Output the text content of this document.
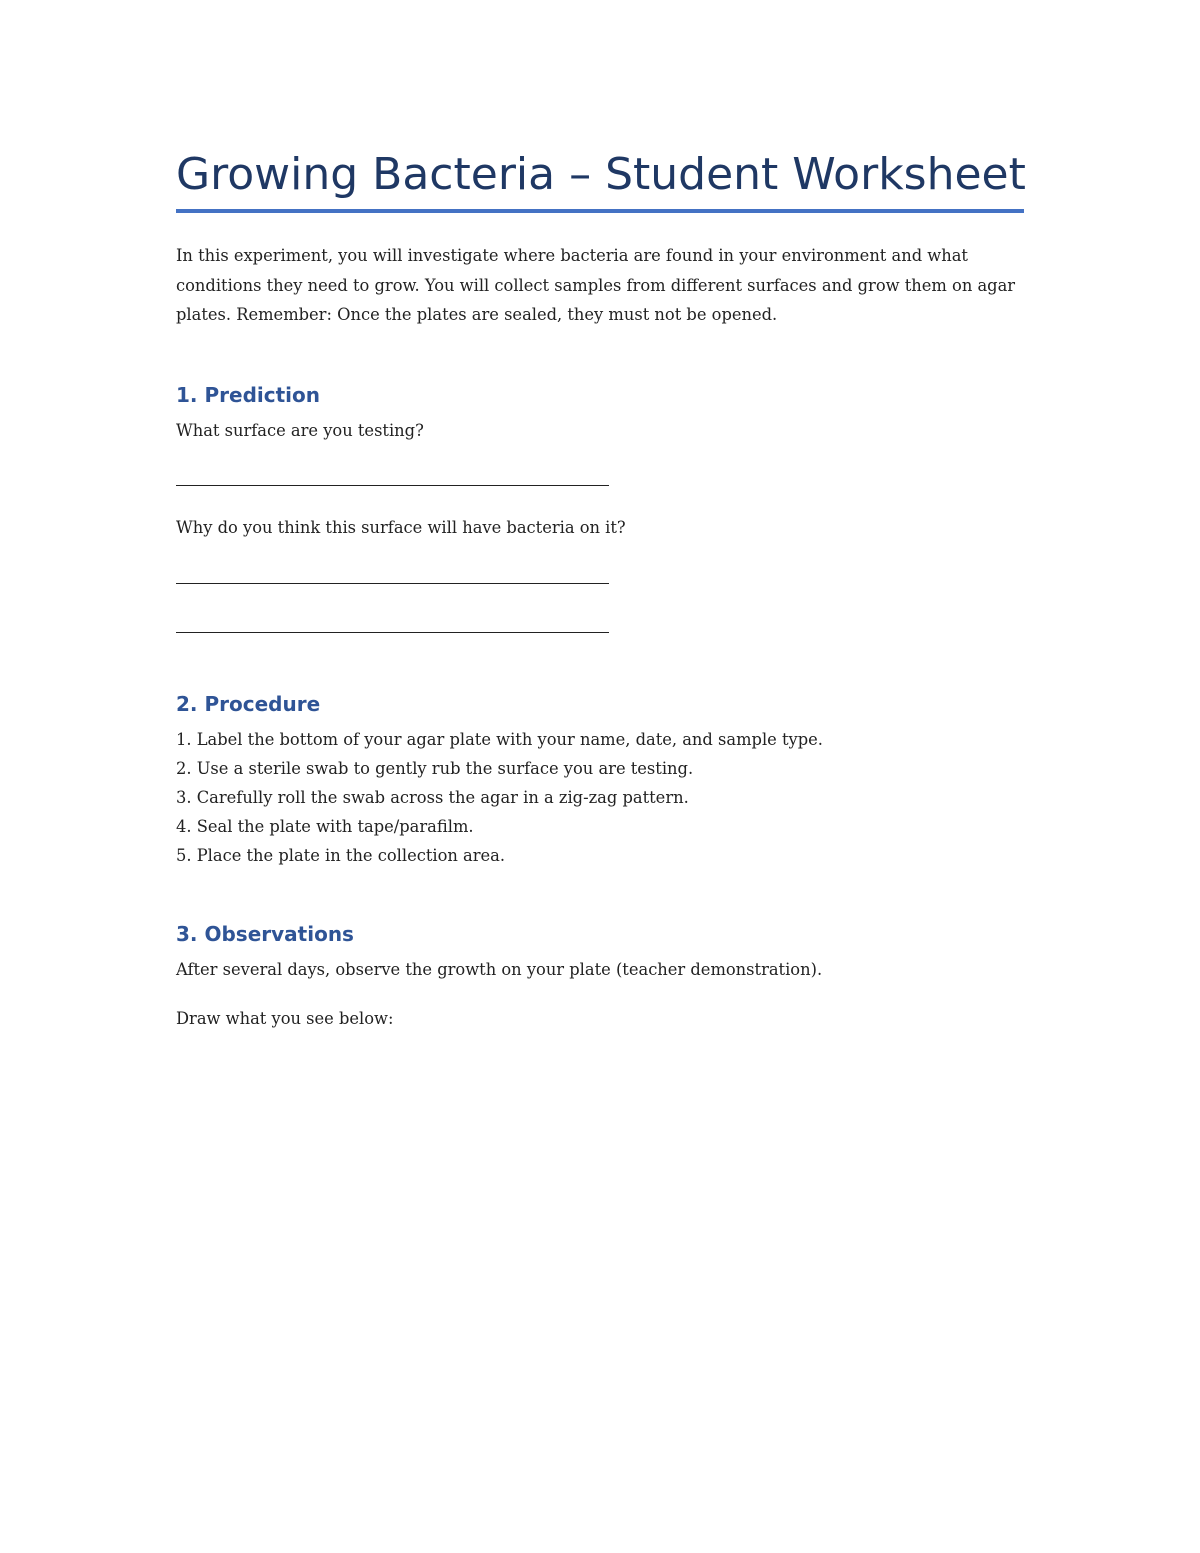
Growing Bacteria – Student Worksheet

In this experiment, you will investigate where bacteria are found in your environment and what conditions they need to grow. You will collect samples from different surfaces and grow them on agar plates. Remember: Once the plates are sealed, they must not be opened.

1. Prediction

What surface are you testing?

Why do you think this surface will have bacteria on it?

2. Procedure
1. Label the bottom of your agar plate with your name, date, and sample type.
2. Use a sterile swab to gently rub the surface you are testing.
3. Carefully roll the swab across the agar in a zig-zag pattern.
4. Seal the plate with tape/parafilm.
5. Place the plate in the collection area.
3. Observations

After several days, observe the growth on your plate (teacher demonstration).

Draw what you see below:
